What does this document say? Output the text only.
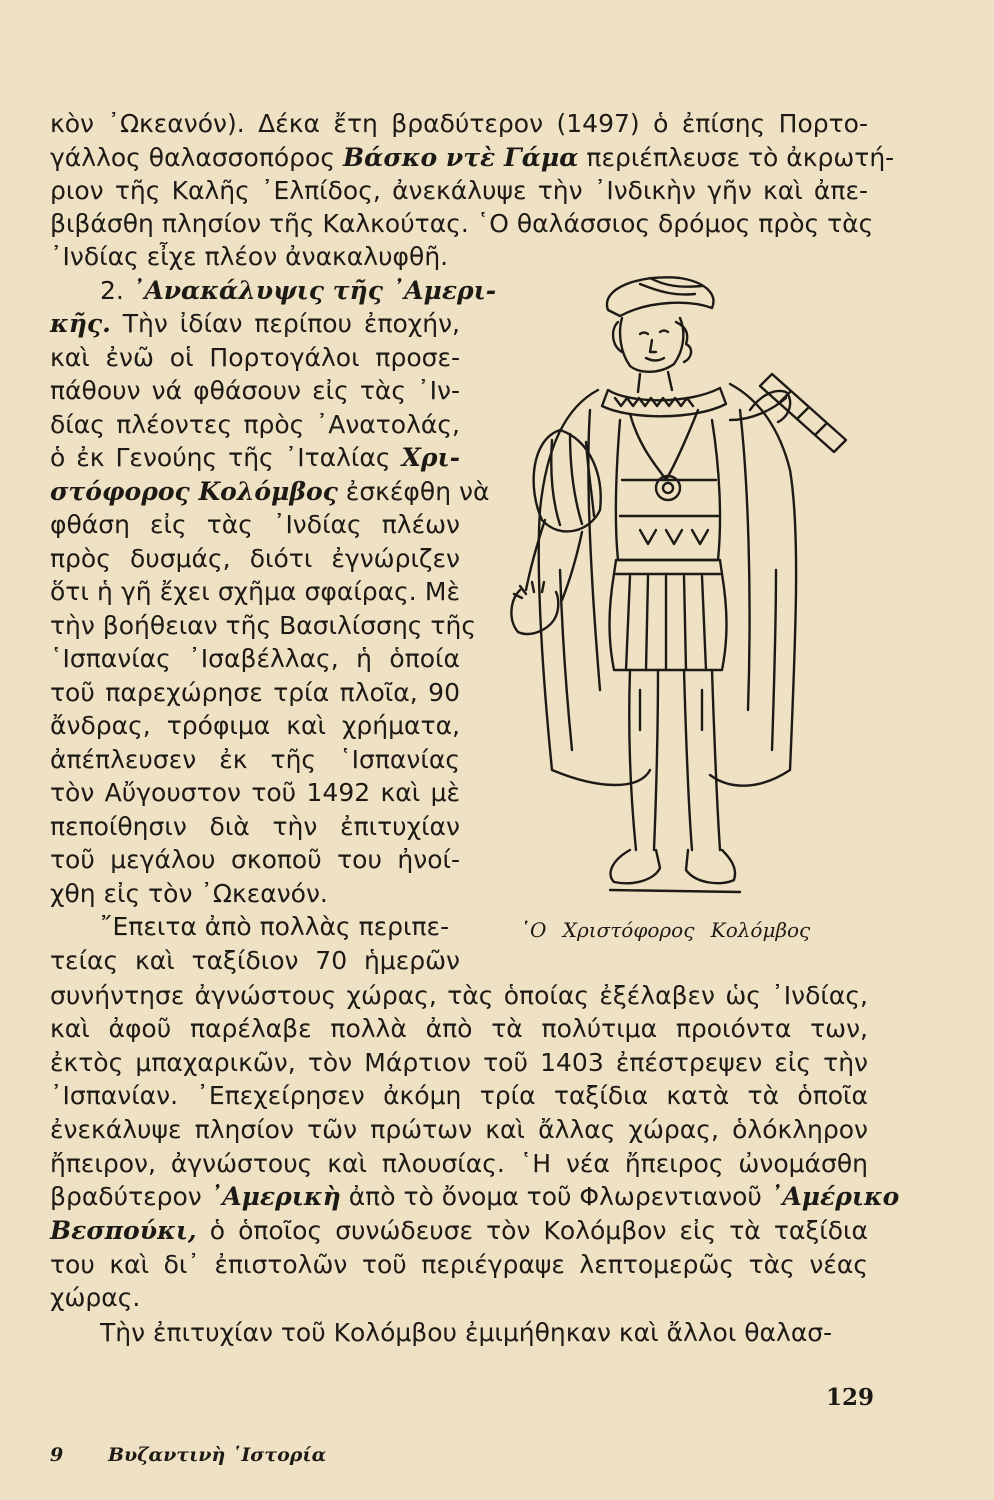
κὸν ᾿Ωκεανόν). Δέκα ἔτη βραδύτερον (1497) ὁ ἐπίσης Πορτο-
γάλλος θαλασσοπόρος Βάσκο ντὲ Γάμα περιέπλευσε τὸ ἀκρωτή-
ριον τῆς Καλῆς ᾿Ελπίδος, ἀνεκάλυψε τὴν ᾿Ινδικὴν γῆν καὶ ἀπε-
βιβάσθη πλησίον τῆς Καλκούτας. ῾Ο θαλάσσιος δρόμος πρὸς τὰς
᾿Ινδίας εἶχε πλέον ἀνακαλυφθῆ.
2. ᾿Ανακάλυψις τῆς ᾿Αμερι-
κῆς. Τὴν ἰδίαν περίπου ἐποχήν,
καὶ ἐνῶ οἱ Πορτογάλοι προσε-
πάθουν νά φθάσουν εἰς τὰς ᾿Ιν-
δίας πλέοντες πρὸς ᾿Ανατολάς,
ὁ ἐκ Γενούης τῆς ᾿Ιταλίας Χρι-
στόφορος Κολόμβος ἐσκέφθη νὰ
φθάση εἰς τὰς ᾿Ινδίας πλέων
πρὸς δυσμάς, διότι ἐγνώριζεν
ὅτι ἡ γῆ ἔχει σχῆμα σφαίρας. Μὲ
τὴν βοήθειαν τῆς Βασιλίσσης τῆς
῾Ισπανίας ᾿Ισαβέλλας, ἡ ὁποία
τοῦ παρεχώρησε τρία πλοῖα, 90
ἄνδρας, τρόφιμα καὶ χρήματα,
ἀπέπλευσεν ἐκ τῆς ῾Ισπανίας
τὸν Αὔγουστον τοῦ 1492 καὶ μὲ
πεποίθησιν διὰ τὴν ἐπιτυχίαν
τοῦ μεγάλου σκοποῦ του ἠνοί-
χθη εἰς τὸν ᾿Ωκεανόν.
῎Επειτα ἀπὸ πολλὰς περιπε-
τείας καὶ ταξίδιον 70 ἡμερῶν
συνήντησε ἀγνώστους χώρας, τὰς ὁποίας ἐξέλαβεν ὡς ᾿Ινδίας,
καὶ ἀφοῦ παρέλαβε πολλὰ ἀπὸ τὰ πολύτιμα προιόντα των,
ἐκτὸς μπαχαρικῶν, τὸν Μάρτιον τοῦ 1403 ἐπέστρεψεν εἰς τὴν
᾿Ισπανίαν. ᾿Επεχείρησεν ἀκόμη τρία ταξίδια κατὰ τὰ ὁποῖα
ἐνεκάλυψε πλησίον τῶν πρώτων καὶ ἄλλας χώρας, ὁλόκληρον
ἤπειρον, ἀγνώστους καὶ πλουσίας. ῾Η νέα ἤπειρος ὠνομάσθη
βραδύτερον ᾿Αμερικὴ ἀπὸ τὸ ὄνομα τοῦ Φλωρεντιανοῦ ᾿Αμέρικο
Βεσπούκι, ὁ ὁποῖος συνώδευσε τὸν Κολόμβον εἰς τὰ ταξίδια
του καὶ δι᾿ ἐπιστολῶν τοῦ περιέγραψε λεπτομερῶς τὰς νέας
χώρας.
Τὴν ἐπιτυχίαν τοῦ Κολόμβου ἐμιμήθηκαν καὶ ἄλλοι θαλασ-
῾Ο Χριστόφορος Κολόμβος
129
9 Βυζαντινὴ ῾Ιστορία
